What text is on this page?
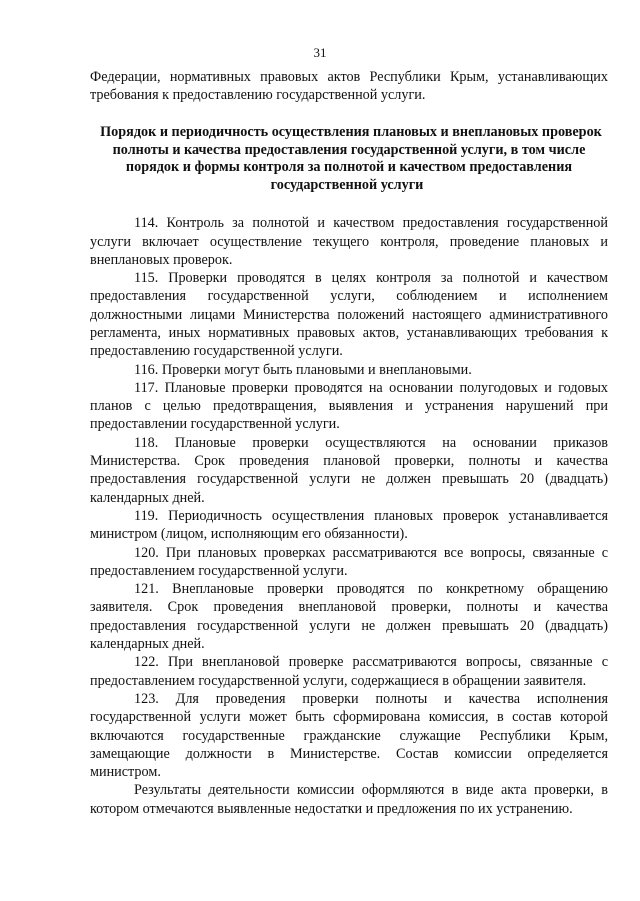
31

Федерации, нормативных правовых актов Республики Крым, устанавливающих требования к предоставлению государственной услуги.

Порядок и периодичность осуществления плановых и внеплановых проверок полноты и качества предоставления государственной услуги, в том числе порядок и формы контроля за полнотой и качеством предоставления государственной услуги

114. Контроль за полнотой и качеством предоставления государственной услуги включает осуществление текущего контроля, проведение плановых и внеплановых проверок.

115. Проверки проводятся в целях контроля за полнотой и качеством предоставления государственной услуги, соблюдением и исполнением должностными лицами Министерства положений настоящего административного регламента, иных нормативных правовых актов, устанавливающих требования к предоставлению государственной услуги.

116. Проверки могут быть плановыми и внеплановыми.

117. Плановые проверки проводятся на основании полугодовых и годовых планов с целью предотвращения, выявления и устранения нарушений при предоставлении государственной услуги.

118. Плановые проверки осуществляются на основании приказов Министерства. Срок проведения плановой проверки, полноты и качества предоставления государственной услуги не должен превышать 20 (двадцать) календарных дней.

119. Периодичность осуществления плановых проверок устанавливается министром (лицом, исполняющим его обязанности).

120. При плановых проверках рассматриваются все вопросы, связанные с предоставлением государственной услуги.

121. Внеплановые проверки проводятся по конкретному обращению заявителя. Срок проведения внеплановой проверки, полноты и качества предоставления государственной услуги не должен превышать 20 (двадцать) календарных дней.

122. При внеплановой проверке рассматриваются вопросы, связанные с предоставлением государственной услуги, содержащиеся в обращении заявителя.

123. Для проведения проверки полноты и качества исполнения государственной услуги может быть сформирована комиссия, в состав которой включаются государственные гражданские служащие Республики Крым, замещающие должности в Министерстве. Состав комиссии определяется министром.

Результаты деятельности комиссии оформляются в виде акта проверки, в котором отмечаются выявленные недостатки и предложения по их устранению.
